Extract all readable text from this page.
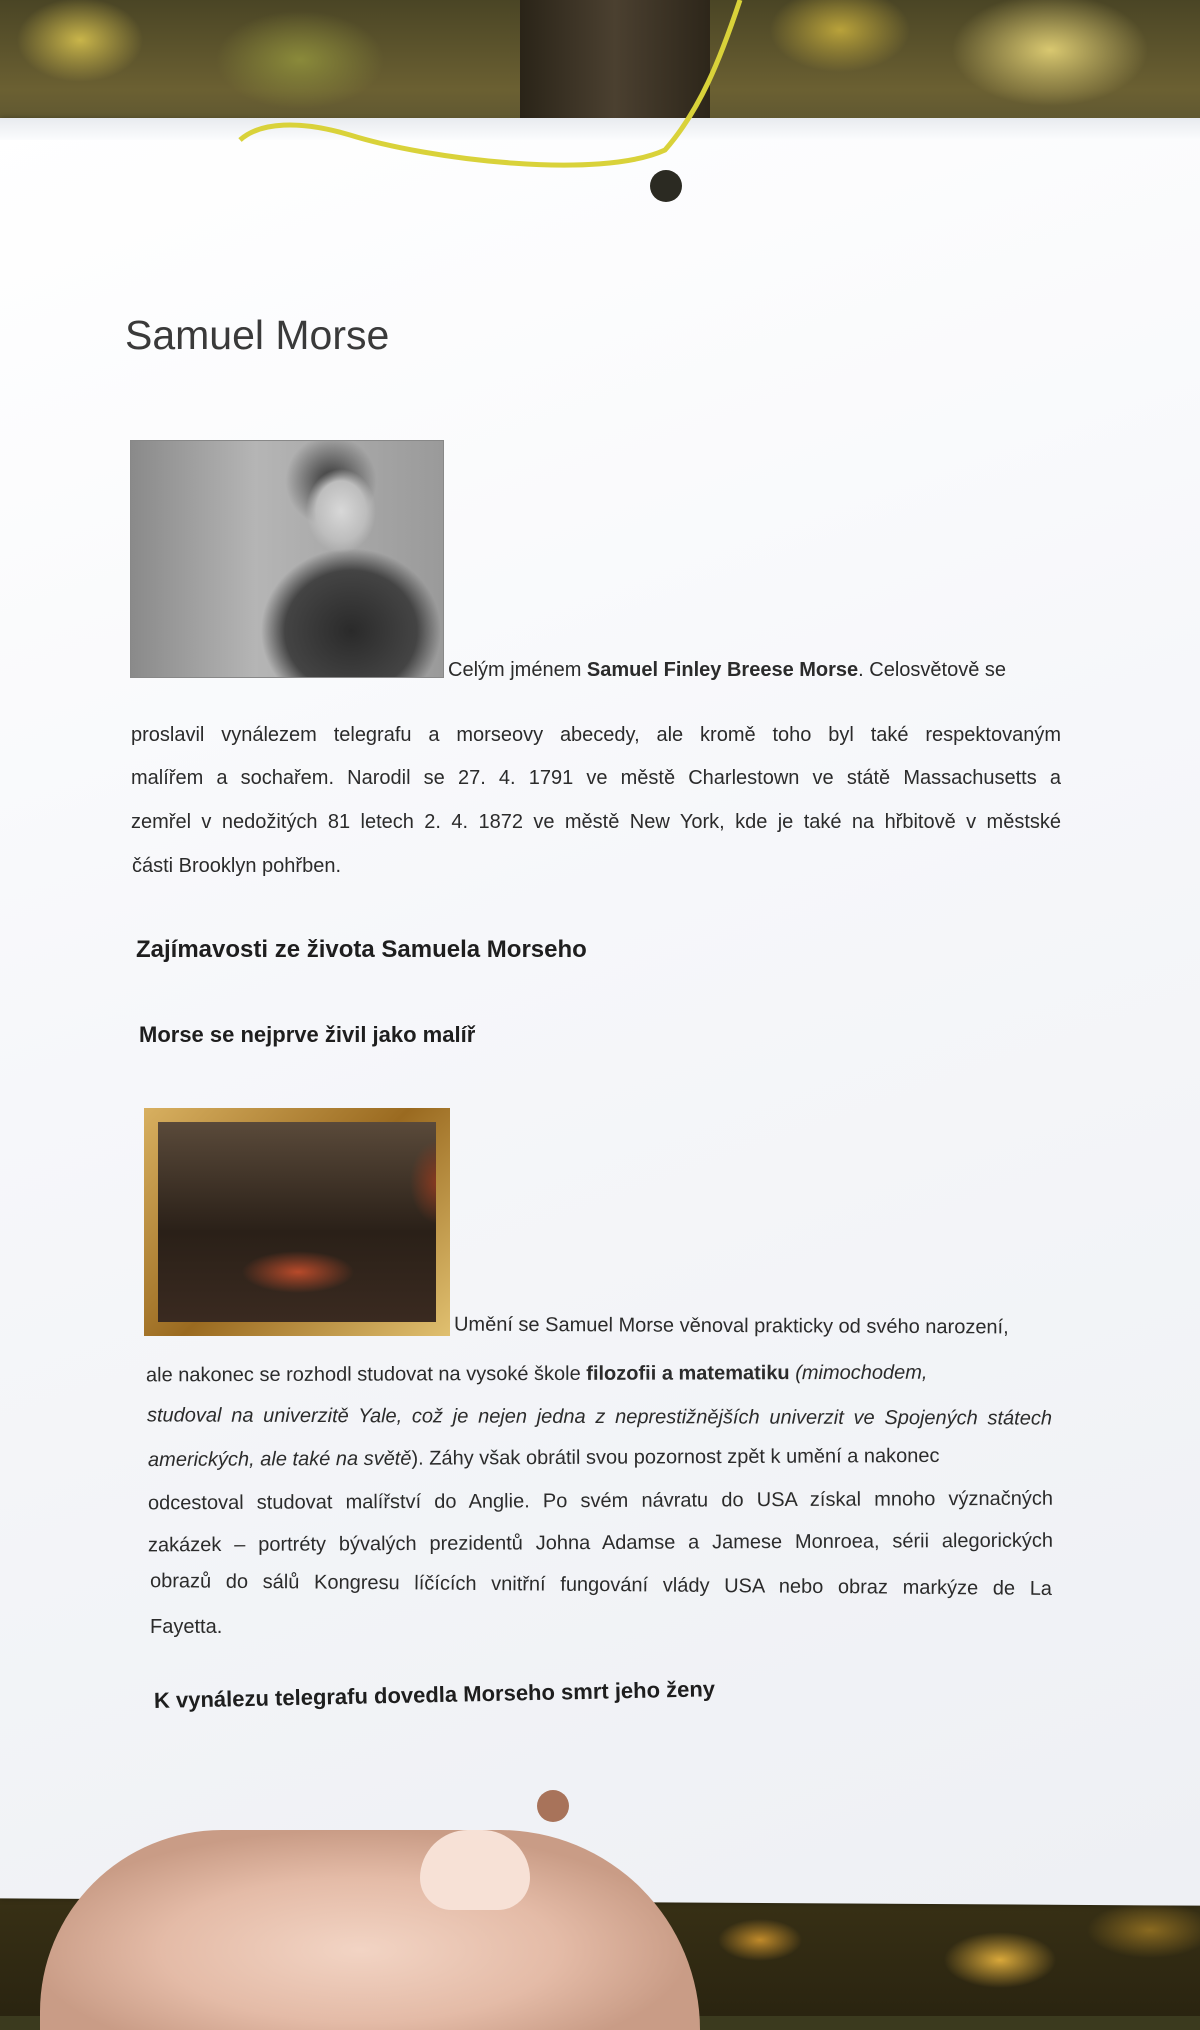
Samuel Morse
Celým jménem Samuel Finley Breese Morse. Celosvětově se
proslavil vynálezem telegrafu a morseovy abecedy, ale kromě toho byl také respektovaným
malířem a sochařem. Narodil se 27. 4. 1791 ve městě Charlestown ve státě Massachusetts a
zemřel v nedožitých 81 letech 2. 4. 1872 ve městě New York, kde je také na hřbitově v městské
části Brooklyn pohřben.
Zajímavosti ze života Samuela Morseho
Morse se nejprve živil jako malíř
Umění se Samuel Morse věnoval prakticky od svého narození,
ale nakonec se rozhodl studovat na vysoké škole filozofii a matematiku (mimochodem,
studoval na univerzitě Yale, což je nejen jedna z neprestižnějších univerzit ve Spojených státech
amerických, ale také na světě). Záhy však obrátil svou pozornost zpět k umění a nakonec
odcestoval studovat malířství do Anglie. Po svém návratu do USA získal mnoho význačných
zakázek – portréty bývalých prezidentů Johna Adamse a Jamese Monroea, sérii alegorických
obrazů do sálů Kongresu líčících vnitřní fungování vlády USA nebo obraz markýze de La
Fayetta.
K vynálezu telegrafu dovedla Morseho smrt jeho ženy
